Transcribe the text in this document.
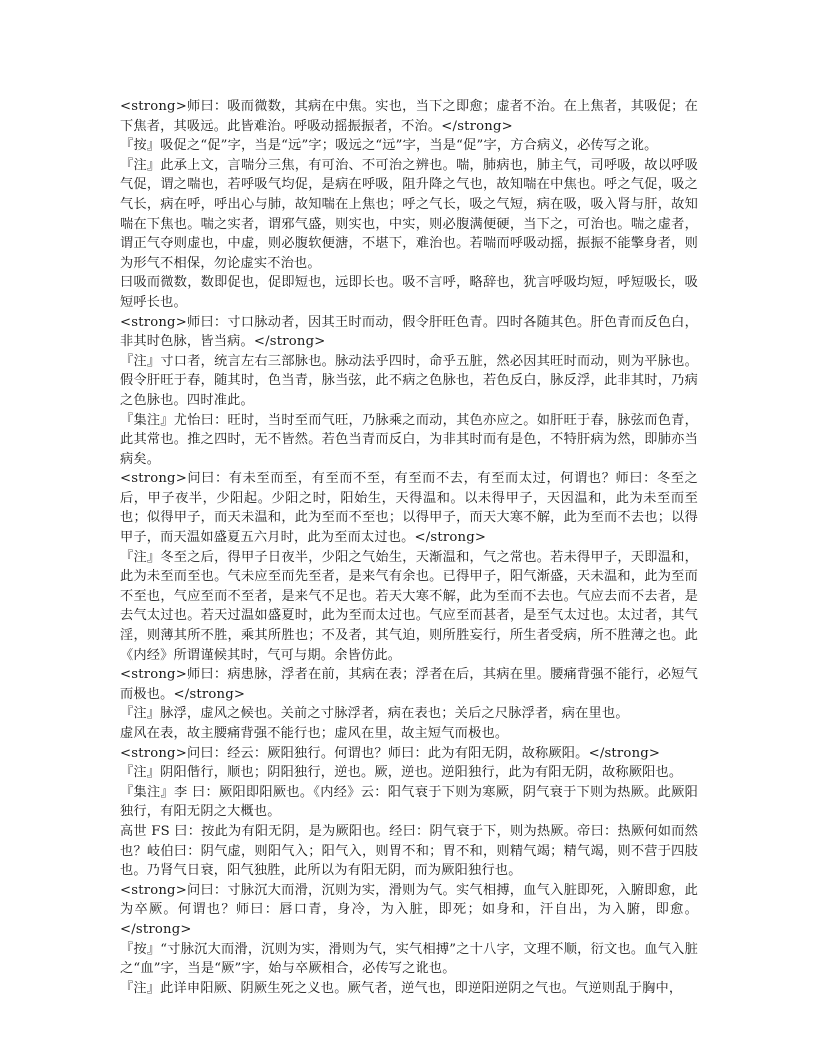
<strong>师曰：吸而微数，其病在中焦。实也，当下之即愈；虚者不治。在上焦者，其吸促；在下焦者，其吸远。此皆难治。呼吸动摇振振者，不治。</strong>

『按』吸促之“促”字，当是“远”字；吸远之“远”字，当是“促”字，方合病义，必传写之讹。

『注』此承上文，言喘分三焦，有可治、不可治之辨也。喘，肺病也，肺主气，司呼吸，故以呼吸气促，谓之喘也，若呼吸气均促，是病在呼吸，阻升降之气也，故知喘在中焦也。呼之气促，吸之气长，病在呼，呼出心与肺，故知喘在上焦也；呼之气长，吸之气短，病在吸，吸入肾与肝，故知喘在下焦也。喘之实者，谓邪气盛，则实也，中实，则必腹满便硬，当下之，可治也。喘之虚者，谓正气夺则虚也，中虚，则必腹软便溏，不堪下，难治也。若喘而呼吸动摇，振振不能擎身者，则为形气不相保，勿论虚实不治也。

曰吸而微数，数即促也，促即短也，远即长也。吸不言呼，略辞也，犹言呼吸均短，呼短吸长，吸短呼长也。

<strong>师曰：寸口脉动者，因其王时而动，假令肝旺色青。四时各随其色。肝色青而反色白，非其时色脉，皆当病。</strong>

『注』寸口者，统言左右三部脉也。脉动法乎四时，命乎五脏，然必因其旺时而动，则为平脉也。假令肝旺于春，随其时，色当青，脉当弦，此不病之色脉也，若色反白，脉反浮，此非其时，乃病之色脉也。四时准此。

『集注』尤怡曰：旺时，当时至而气旺，乃脉乘之而动，其色亦应之。如肝旺于春，脉弦而色青，此其常也。推之四时，无不皆然。若色当青而反白，为非其时而有是色，不特肝病为然，即肺亦当病矣。

<strong>问曰：有未至而至，有至而不至，有至而不去，有至而太过，何谓也？师曰：冬至之后，甲子夜半，少阳起。少阳之时，阳始生，天得温和。以未得甲子，天因温和，此为未至而至也；似得甲子，而天未温和，此为至而不至也；以得甲子，而天大寒不解，此为至而不去也；以得甲子，而天温如盛夏五六月时，此为至而太过也。</strong>

『注』冬至之后，得甲子日夜半，少阳之气始生，天渐温和，气之常也。若未得甲子，天即温和，此为未至而至也。气未应至而先至者，是来气有余也。已得甲子，阳气渐盛，天未温和，此为至而不至也，气应至而不至者，是来气不足也。若天大寒不解，此为至而不去也。气应去而不去者，是去气太过也。若天过温如盛夏时，此为至而太过也。气应至而甚者，是至气太过也。太过者，其气淫，则薄其所不胜，乘其所胜也；不及者，其气迫，则所胜妄行，所生者受病，所不胜薄之也。此《内经》所谓谨候其时，气可与期。余皆仿此。

<strong>师曰：病患脉，浮者在前，其病在表；浮者在后，其病在里。腰痛背强不能行，必短气而极也。</strong>

『注』脉浮，虚风之候也。关前之寸脉浮者，病在表也；关后之尺脉浮者，病在里也。

虚风在表，故主腰痛背强不能行也；虚风在里，故主短气而极也。

<strong>问曰：经云：厥阳独行。何谓也？师曰：此为有阳无阴，故称厥阳。</strong>

『注』阴阳偕行，顺也；阴阳独行，逆也。厥，逆也。逆阳独行，此为有阳无阴，故称厥阳也。

『集注』李 曰：厥阳即阳厥也。《内经》云：阳气衰于下则为寒厥，阴气衰于下则为热厥。此厥阳独行，有阳无阴之大概也。

高世 FS 曰：按此为有阳无阴，是为厥阳也。经曰：阴气衰于下，则为热厥。帝曰：热厥何如而然也？岐伯曰：阴气虚，则阳气入；阳气入，则胃不和；胃不和，则精气竭；精气竭，则不营于四肢也。乃肾气日衰，阳气独胜，此所以为有阳无阴，而为厥阳独行也。

<strong>问曰：寸脉沉大而滑，沉则为实，滑则为气。实气相搏，血气入脏即死，入腑即愈，此为卒厥。何谓也？师曰：唇口青，身冷，为入脏，即死；如身和，汗自出，为入腑，即愈。</strong>

『按』“寸脉沉大而滑，沉则为实，滑则为气，实气相搏”之十八字，文理不顺，衍文也。血气入脏之“血”字，当是“厥”字，始与卒厥相合，必传写之讹也。

『注』此详申阳厥、阴厥生死之义也。厥气者，逆气也，即逆阳逆阴之气也。气逆则乱于胸中，
